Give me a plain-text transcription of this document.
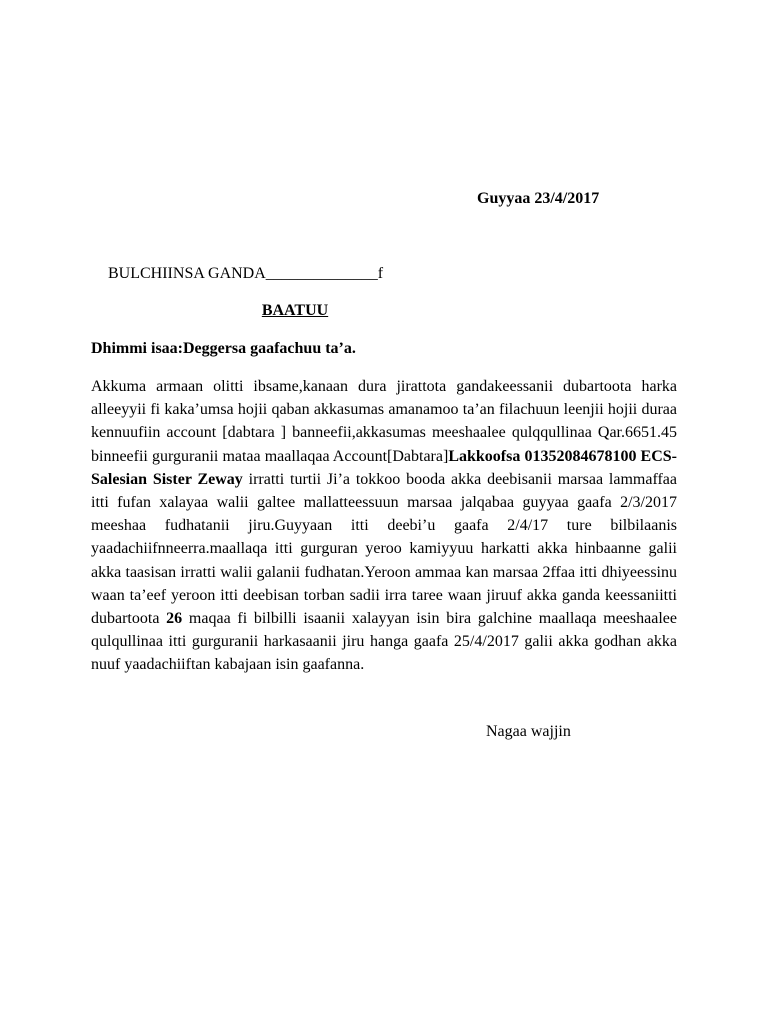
Guyyaa 23/4/2017
BULCHIINSA GANDA______________f
BAATUU
Dhimmi isaa:Deggersa gaafachuu ta’a.

Akkuma armaan olitti ibsame,kanaan dura jirattota gandakeessanii dubartoota harka alleeyyii fi kaka’umsa hojii qaban akkasumas amanamoo ta’an filachuun leenjii hojii duraa kennuufiin account [dabtara ] banneefii,akkasumas meeshaalee qulqqullinaa Qar.6651.45 binneefii gurguranii mataa maallaqaa Account[Dabtara]Lakkoofsa 01352084678100 ECS-Salesian Sister Zeway irratti turtii Ji’a tokkoo booda akka deebisanii marsaa lammaffaa itti fufan xalayaa walii galtee mallatteessuun marsaa jalqabaa guyyaa gaafa 2/3/2017 meeshaa fudhatanii jiru.Guyyaan itti deebi’u gaafa 2/4/17 ture bilbilaanis yaadachiifnneerra.maallaqa itti gurguran yeroo kamiyyuu harkatti akka hinbaanne galii akka taasisan irratti walii galanii fudhatan.Yeroon ammaa kan marsaa 2ffaa itti dhiyeessinu waan ta’eef yeroon itti deebisan torban sadii irra taree waan jiruuf akka ganda keessaniitti dubartoota 26 maqaa fi bilbilli isaanii xalayyan isin bira galchine maallaqa meeshaalee qulqullinaa itti gurguranii harkasaanii jiru hanga gaafa 25/4/2017 galii akka godhan akka nuuf yaadachiiftan kabajaan isin gaafanna.

Nagaa wajjin
